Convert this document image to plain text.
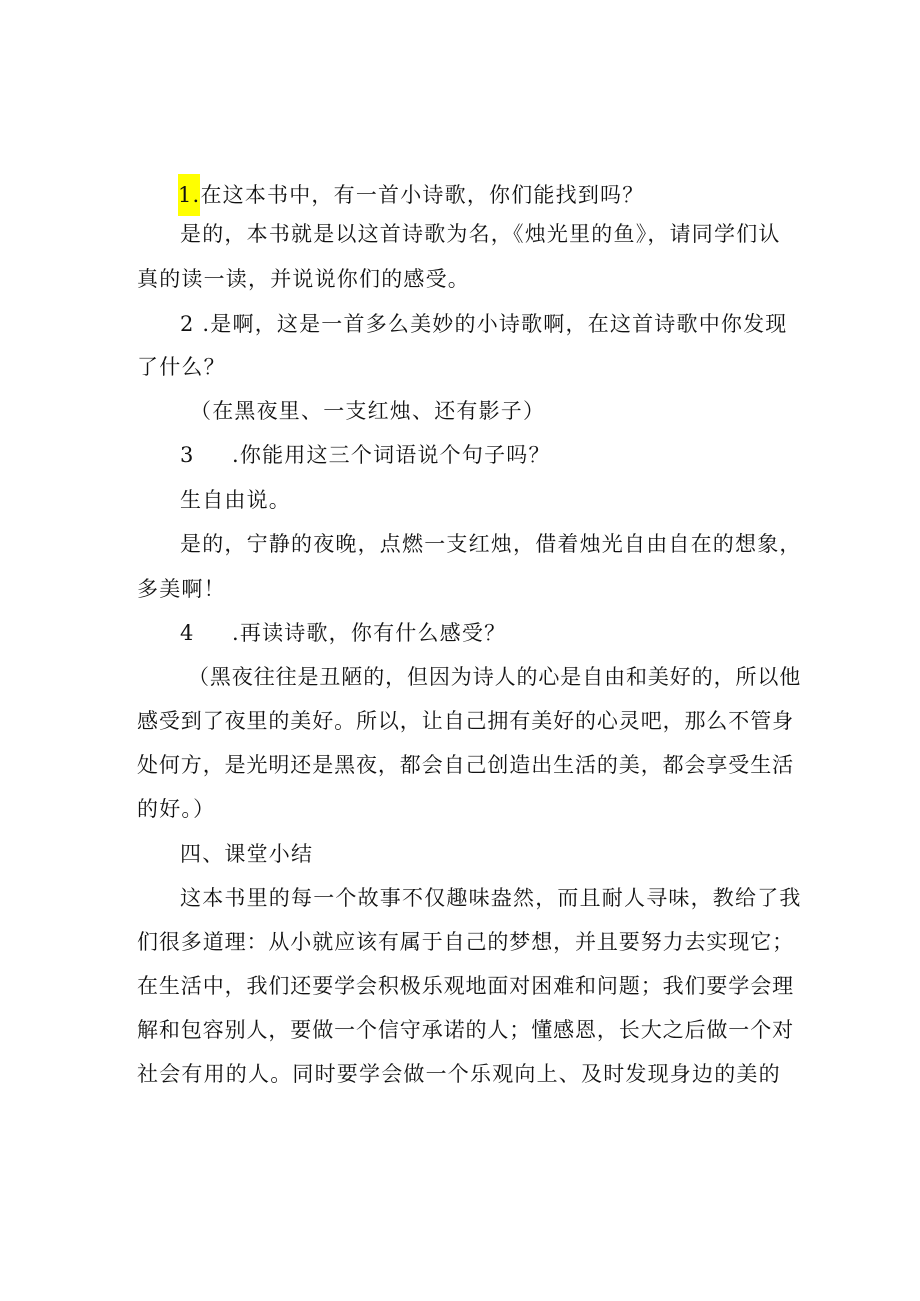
1.在这本书中，有一首小诗歌，你们能找到吗？
是的，本书就是以这首诗歌为名，《烛光里的鱼》，请同学们认
真的读一读，并说说你们的感受。
2 .是啊，这是一首多么美妙的小诗歌啊，在这首诗歌中你发现
了什么？
（在黑夜里、一支红烛、还有影子）
3 .你能用这三个词语说个句子吗？
生自由说。
是的，宁静的夜晚，点燃一支红烛，借着烛光自由自在的想象，
多美啊！
4 .再读诗歌，你有什么感受？
（黑夜往往是丑陋的，但因为诗人的心是自由和美好的，所以他
感受到了夜里的美好。所以，让自己拥有美好的心灵吧，那么不管身
处何方，是光明还是黑夜，都会自己创造出生活的美，都会享受生活
的好。）
四、课堂小结
这本书里的每一个故事不仅趣味盎然，而且耐人寻味，教给了我
们很多道理：从小就应该有属于自己的梦想，并且要努力去实现它；
在生活中，我们还要学会积极乐观地面对困难和问题；我们要学会理
解和包容别人，要做一个信守承诺的人；懂感恩，长大之后做一个对
社会有用的人。同时要学会做一个乐观向上、及时发现身边的美的
